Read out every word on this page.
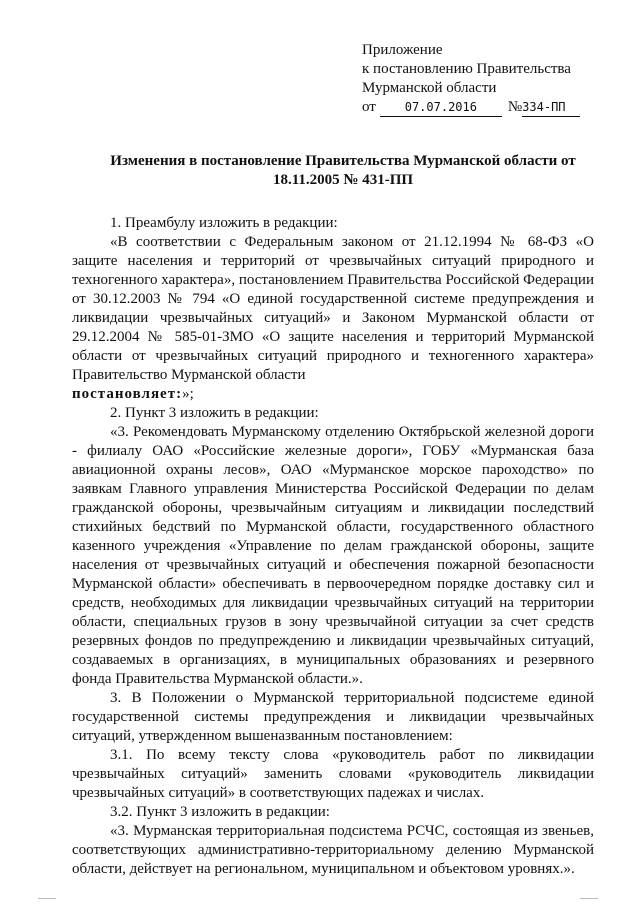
Приложение
к постановлению Правительства
Мурманской области
от	07.07.2016	№ 334-ПП
Изменения в постановление Правительства Мурманской области от 18.11.2005 № 431-ПП

1. Преамбулу изложить в редакции:

«В соответствии с Федеральным законом от 21.12.1994 № 68-ФЗ «О защите населения и территорий от чрезвычайных ситуаций природного и техногенного характера», постановлением Правительства Российской Федерации от 30.12.2003 № 794 «О единой государственной системе предупреждения и ликвидации чрезвычайных ситуаций» и Законом Мурманской области от 29.12.2004 № 585-01-ЗМО «О защите населения и территорий Мурманской области от чрезвычайных ситуаций природного и техногенного характера» Правительство Мурманской области
постановляет:»;

2. Пункт 3 изложить в редакции:

«3. Рекомендовать Мурманскому отделению Октябрьской железной дороги - филиалу ОАО «Российские железные дороги», ГОБУ «Мурманская база авиационной охраны лесов», ОАО «Мурманское морское пароходство» по заявкам Главного управления Министерства Российской Федерации по делам гражданской обороны, чрезвычайным ситуациям и ликвидации последствий стихийных бедствий по Мурманской области, государственного областного казенного учреждения «Управление по делам гражданской обороны, защите населения от чрезвычайных ситуаций и обеспечения пожарной безопасности Мурманской области» обеспечивать в первоочередном порядке доставку сил и средств, необходимых для ликвидации чрезвычайных ситуаций на территории области, специальных грузов в зону чрезвычайной ситуации за счет средств резервных фондов по предупреждению и ликвидации чрезвычайных ситуаций, создаваемых в организациях, в муниципальных образованиях и резервного фонда Правительства Мурманской области.».

3. В Положении о Мурманской территориальной подсистеме единой государственной системы предупреждения и ликвидации чрезвычайных ситуаций, утвержденном вышеназванным постановлением:

3.1. По всему тексту слова «руководитель работ по ликвидации чрезвычайных ситуаций» заменить словами «руководитель ликвидации чрезвычайных ситуаций» в соответствующих падежах и числах.

3.2. Пункт 3 изложить в редакции:

«3. Мурманская территориальная подсистема РСЧС, состоящая из звеньев, соответствующих административно-территориальному делению Мурманской области, действует на региональном, муниципальном и объектовом уровнях.».
